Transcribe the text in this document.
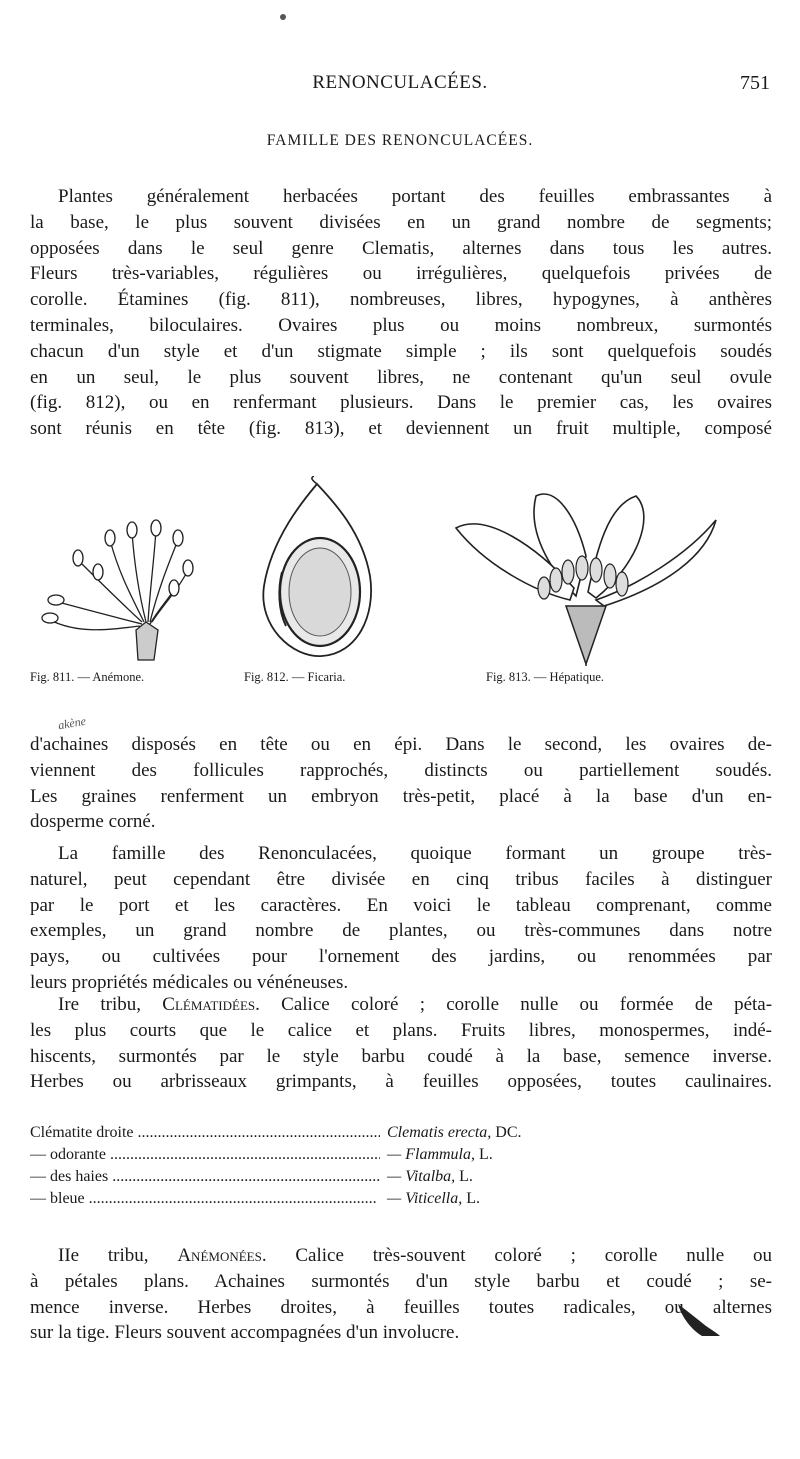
RENONCULACÉES.	751
FAMILLE DES RENONCULACÉES.
Plantes généralement herbacées portant des feuilles embrassantes à
la base, le plus souvent divisées en un grand nombre de segments;
opposées dans le seul genre Clematis, alternes dans tous les autres.
Fleurs très-variables, régulières ou irrégulières, quelquefois privées de
corolle. Étamines (fig. 811), nombreuses, libres, hypogynes, à anthères
terminales, biloculaires. Ovaires plus ou moins nombreux, surmontés
chacun d'un style et d'un stigmate simple ; ils sont quelquefois soudés
en un seul, le plus souvent libres, ne contenant qu'un seul ovule
(fig. 812), ou en renfermant plusieurs. Dans le premier cas, les ovaires
sont réunis en tête (fig. 813), et deviennent un fruit multiple, composé
Fig. 811. — Anémone.	Fig. 812. — Ficaria.	Fig. 813. — Hépatique.
akène
d'achaines disposés en tête ou en épi. Dans le second, les ovaires de-
viennent des follicules rapprochés, distincts ou partiellement soudés.
Les graines renferment un embryon très-petit, placé à la base d'un en-
dosperme corné.
La famille des Renonculacées, quoique formant un groupe très-
naturel, peut cependant être divisée en cinq tribus faciles à distinguer
par le port et les caractères. En voici le tableau comprenant, comme
exemples, un grand nombre de plantes, ou très-communes dans notre
pays, ou cultivées pour l'ornement des jardins, ou renommées par
leurs propriétés médicales ou vénéneuses.
Ire tribu, Clématidées. Calice coloré ; corolle nulle ou formée de péta-
les plus courts que le calice et plans. Fruits libres, monospermes, indé-
hiscents, surmontés par le style barbu coudé à la base, semence inverse.
Herbes ou arbrisseaux grimpants, à feuilles opposées, toutes caulinaires.
Clématite droite .....	Clematis erecta, DC.
— odorante .....	— Flammula, L.
— des haies .....	— Vitalba, L.
— bleue .....	— Viticella, L.
IIe tribu, Anémonées. Calice très-souvent coloré ; corolle nulle ou
à pétales plans. Achaines surmontés d'un style barbu et coudé ; se-
mence inverse. Herbes droites, à feuilles toutes radicales, ou alternes
sur la tige. Fleurs souvent accompagnées d'un involucre.
